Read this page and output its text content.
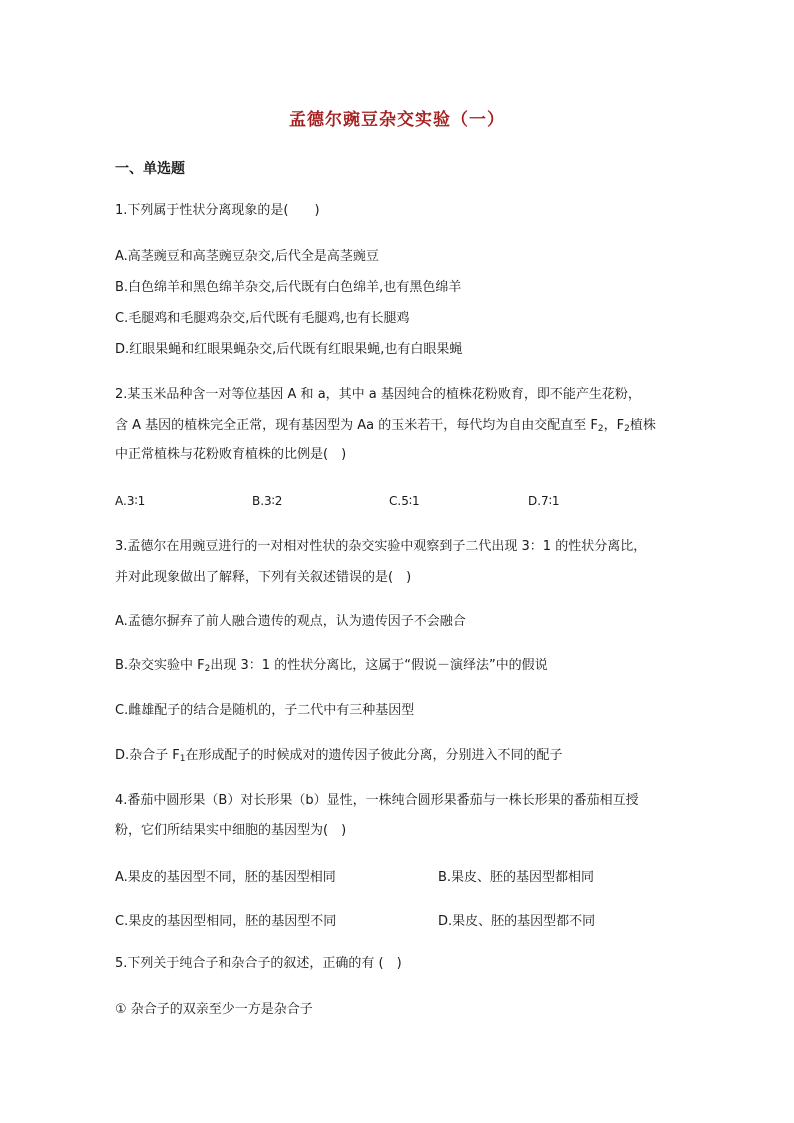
孟德尔豌豆杂交实验（一）
一、单选题
1.下列属于性状分离现象的是(　　)
A.高茎豌豆和高茎豌豆杂交,后代全是高茎豌豆
B.白色绵羊和黑色绵羊杂交,后代既有白色绵羊,也有黑色绵羊
C.毛腿鸡和毛腿鸡杂交,后代既有毛腿鸡,也有长腿鸡
D.红眼果蝇和红眼果蝇杂交,后代既有红眼果蝇,也有白眼果蝇
2.某玉米品种含一对等位基因 A 和 a，其中 a 基因纯合的植株花粉败育，即不能产生花粉，
含 A 基因的植株完全正常，现有基因型为 Aa 的玉米若干，每代均为自由交配直至 $F_2$，$F_2$植株
中正常植株与花粉败育植株的比例是(　)
A.3∶1	B.3∶2	C.5∶1	D.7∶1
3.孟德尔在用豌豆进行的一对相对性状的杂交实验中观察到子二代出现 3：1 的性状分离比，
并对此现象做出了解释，下列有关叙述错误的是(　)
A.孟德尔摒弃了前人融合遗传的观点，认为遗传因子不会融合
B.杂交实验中 $F_2$出现 3：1 的性状分离比，这属于“假说－演绎法”中的假说
C.雌雄配子的结合是随机的，子二代中有三种基因型
D.杂合子 $F_1$在形成配子的时候成对的遗传因子彼此分离，分别进入不同的配子
4.番茄中圆形果（B）对长形果（b）显性，一株纯合圆形果番茄与一株长形果的番茄相互授
粉，它们所结果实中细胞的基因型为(　)
A.果皮的基因型不同，胚的基因型相同	B.果皮、胚的基因型都相同
C.果皮的基因型相同，胚的基因型不同	D.果皮、胚的基因型都不同
5.下列关于纯合子和杂合子的叙述，正确的有 (　)
① 杂合子的双亲至少一方是杂合子
